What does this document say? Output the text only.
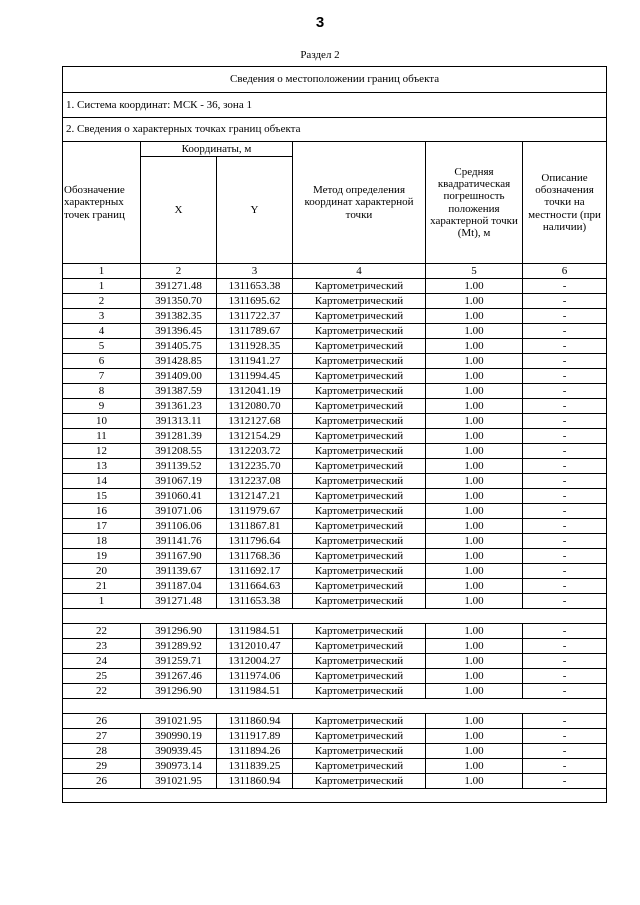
3
Раздел 2
Сведения о местоположении границ объекта					
1. Система координат: МСК - 36, зона 1					
2. Сведения о характерных точках границ объекта					
Обозначение характерных точек границ	Координаты, м		Метод определения координат характерной точки	Средняя квадратическая погрешность положения характерной точки (Mt), м	Описание обозначения точки на местности (при наличии)
	X	Y			
1	2	3	4	5	6
1	391271.48	1311653.38	Картометрический	1.00	-
2	391350.70	1311695.62	Картометрический	1.00	-
3	391382.35	1311722.37	Картометрический	1.00	-
4	391396.45	1311789.67	Картометрический	1.00	-
5	391405.75	1311928.35	Картометрический	1.00	-
6	391428.85	1311941.27	Картометрический	1.00	-
7	391409.00	1311994.45	Картометрический	1.00	-
8	391387.59	1312041.19	Картометрический	1.00	-
9	391361.23	1312080.70	Картометрический	1.00	-
10	391313.11	1312127.68	Картометрический	1.00	-
11	391281.39	1312154.29	Картометрический	1.00	-
12	391208.55	1312203.72	Картометрический	1.00	-
13	391139.52	1312235.70	Картометрический	1.00	-
14	391067.19	1312237.08	Картометрический	1.00	-
15	391060.41	1312147.21	Картометрический	1.00	-
16	391071.06	1311979.67	Картометрический	1.00	-
17	391106.06	1311867.81	Картометрический	1.00	-
18	391141.76	1311796.64	Картометрический	1.00	-
19	391167.90	1311768.36	Картометрический	1.00	-
20	391139.67	1311692.17	Картометрический	1.00	-
21	391187.04	1311664.63	Картометрический	1.00	-
1	391271.48	1311653.38	Картометрический	1.00	-

22	391296.90	1311984.51	Картометрический	1.00	-
23	391289.92	1312010.47	Картометрический	1.00	-
24	391259.71	1312004.27	Картометрический	1.00	-
25	391267.46	1311974.06	Картометрический	1.00	-
22	391296.90	1311984.51	Картометрический	1.00	-

26	391021.95	1311860.94	Картометрический	1.00	-
27	390990.19	1311917.89	Картометрический	1.00	-
28	390939.45	1311894.26	Картометрический	1.00	-
29	390973.14	1311839.25	Картометрический	1.00	-
26	391021.95	1311860.94	Картометрический	1.00	-
